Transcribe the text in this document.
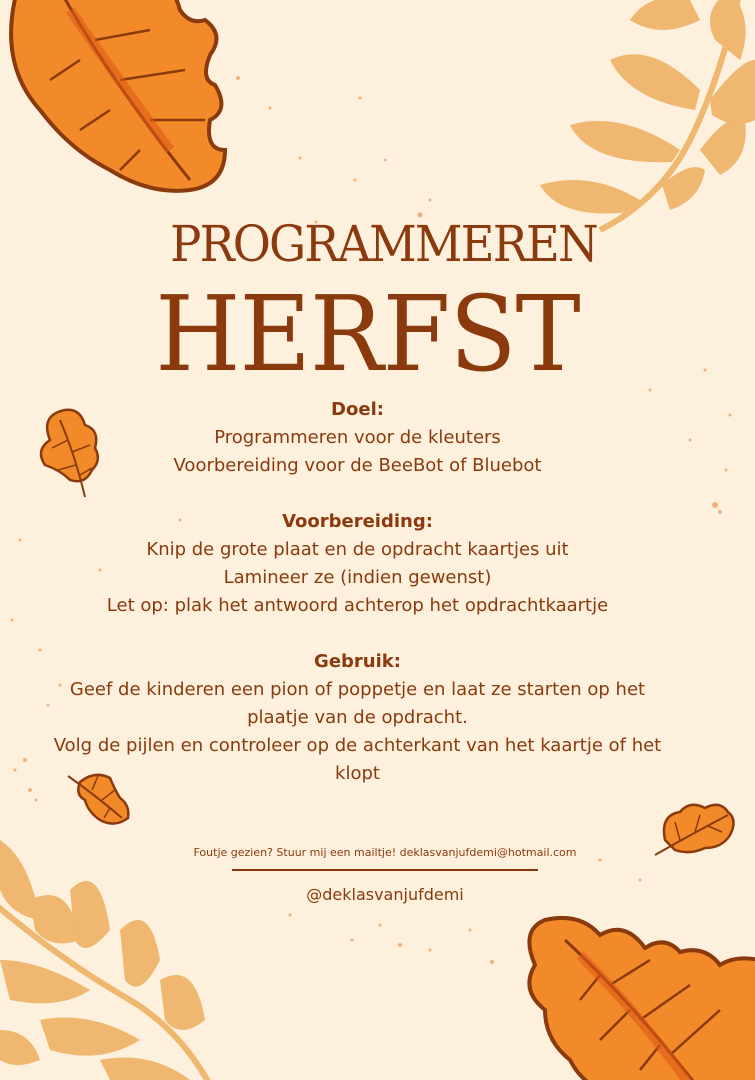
PROGRAMMEREN
HERFST
Doel:
Programmeren voor de kleuters
Voorbereiding voor de BeeBot of Bluebot
Voorbereiding:
Knip de grote plaat en de opdracht kaartjes uit
Lamineer ze (indien gewenst)
Let op: plak het antwoord achterop het opdrachtkaartje
Gebruik:
Geef de kinderen een pion of poppetje en laat ze starten op het
plaatje van de opdracht.
Volg de pijlen en controleer op de achterkant van het kaartje of het
klopt
Foutje gezien? Stuur mij een mailtje! deklasvanjufdemi@hotmail.com
@deklasvanjufdemi
